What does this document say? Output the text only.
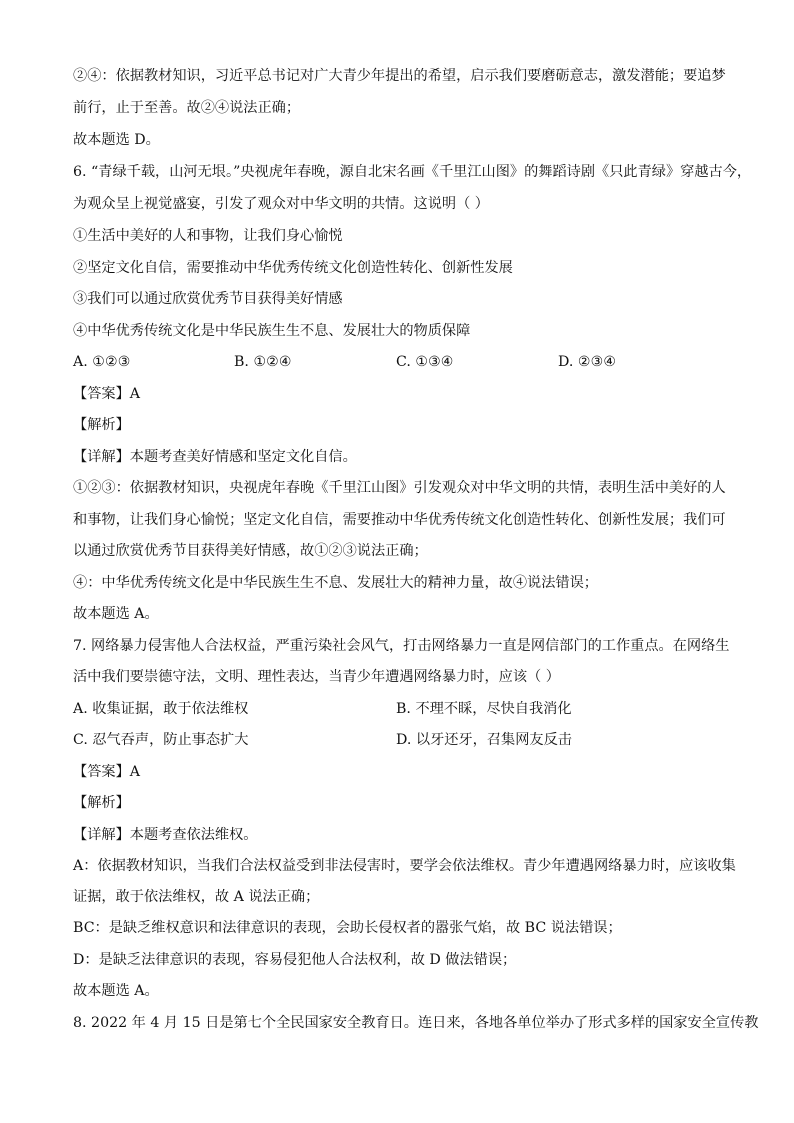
②④：依据教材知识，习近平总书记对广大青少年提出的希望，启示我们要磨砺意志，激发潜能；要追梦
前行，止于至善。故②④说法正确；
故本题选 D。
6. “青绿千载，山河无垠。”央视虎年春晚，源自北宋名画《千里江山图》的舞蹈诗剧《只此青绿》穿越古今，
为观众呈上视觉盛宴，引发了观众对中华文明的共情。这说明（ ）
①生活中美好的人和事物，让我们身心愉悦
②坚定文化自信，需要推动中华优秀传统文化创造性转化、创新性发展
③我们可以通过欣赏优秀节目获得美好情感
④中华优秀传统文化是中华民族生生不息、发展壮大的物质保障
A. ①②③	B. ①②④	C. ①③④	D. ②③④
【答案】A
【解析】
【详解】本题考查美好情感和坚定文化自信。
①②③：依据教材知识，央视虎年春晚《千里江山图》引发观众对中华文明的共情，表明生活中美好的人
和事物，让我们身心愉悦；坚定文化自信，需要推动中华优秀传统文化创造性转化、创新性发展；我们可
以通过欣赏优秀节目获得美好情感，故①②③说法正确；
④：中华优秀传统文化是中华民族生生不息、发展壮大的精神力量，故④说法错误；
故本题选 A。
7. 网络暴力侵害他人合法权益，严重污染社会风气，打击网络暴力一直是网信部门的工作重点。在网络生
活中我们要崇德守法，文明、理性表达，当青少年遭遇网络暴力时，应该（ ）
A. 收集证据，敢于依法维权	B. 不理不睬，尽快自我消化
C. 忍气吞声，防止事态扩大	D. 以牙还牙，召集网友反击
【答案】A
【解析】
【详解】本题考查依法维权。
A：依据教材知识，当我们合法权益受到非法侵害时，要学会依法维权。青少年遭遇网络暴力时，应该收集
证据，敢于依法维权，故 A 说法正确；
BC：是缺乏维权意识和法律意识的表现，会助长侵权者的嚣张气焰，故 BC 说法错误；
D：是缺乏法律意识的表现，容易侵犯他人合法权利，故 D 做法错误；
故本题选 A。
8. 2022 年 4 月 15 日是第七个全民国家安全教育日。连日来，各地各单位举办了形式多样的国家安全宣传教
